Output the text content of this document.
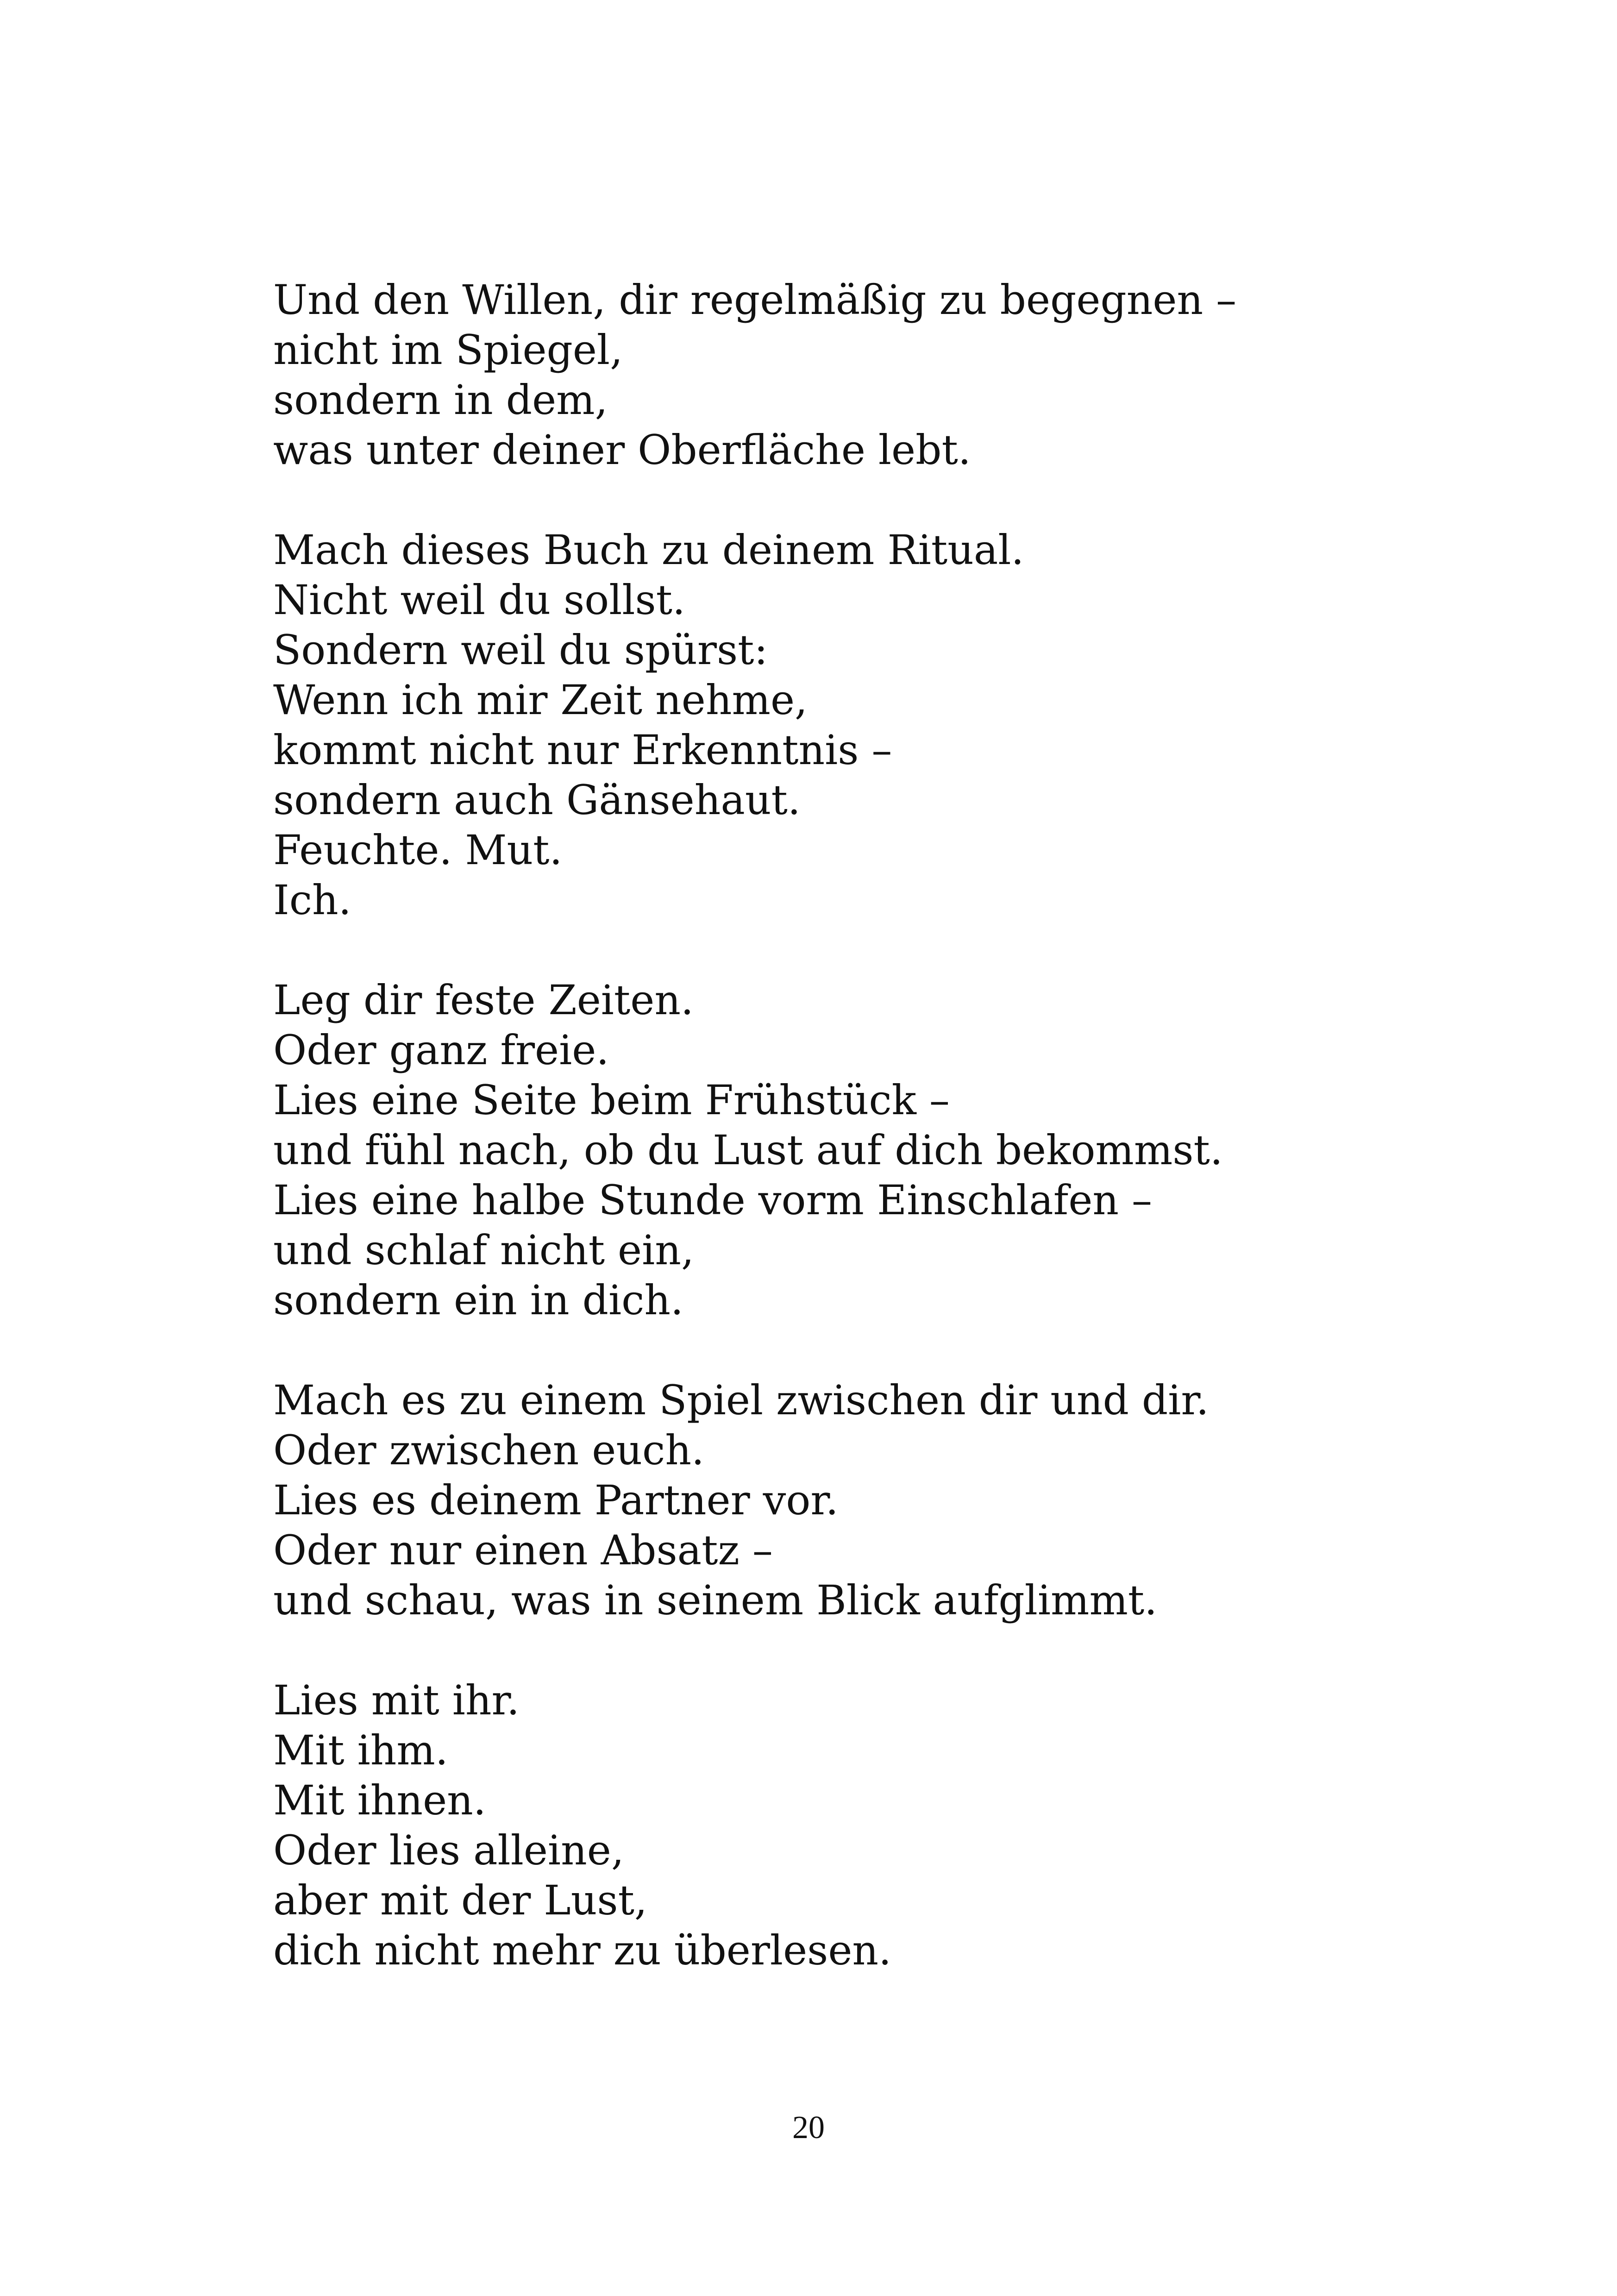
Und den Willen, dir regelmäßig zu begegnen –
nicht im Spiegel,
sondern in dem,
was unter deiner Oberfläche lebt.
Mach dieses Buch zu deinem Ritual.
Nicht weil du sollst.
Sondern weil du spürst:
Wenn ich mir Zeit nehme,
kommt nicht nur Erkenntnis –
sondern auch Gänsehaut.
Feuchte. Mut.
Ich.
Leg dir feste Zeiten.
Oder ganz freie.
Lies eine Seite beim Frühstück –
und fühl nach, ob du Lust auf dich bekommst.
Lies eine halbe Stunde vorm Einschlafen –
und schlaf nicht ein,
sondern ein in dich.
Mach es zu einem Spiel zwischen dir und dir.
Oder zwischen euch.
Lies es deinem Partner vor.
Oder nur einen Absatz –
und schau, was in seinem Blick aufglimmt.
Lies mit ihr.
Mit ihm.
Mit ihnen.
Oder lies alleine,
aber mit der Lust,
dich nicht mehr zu überlesen.
20
